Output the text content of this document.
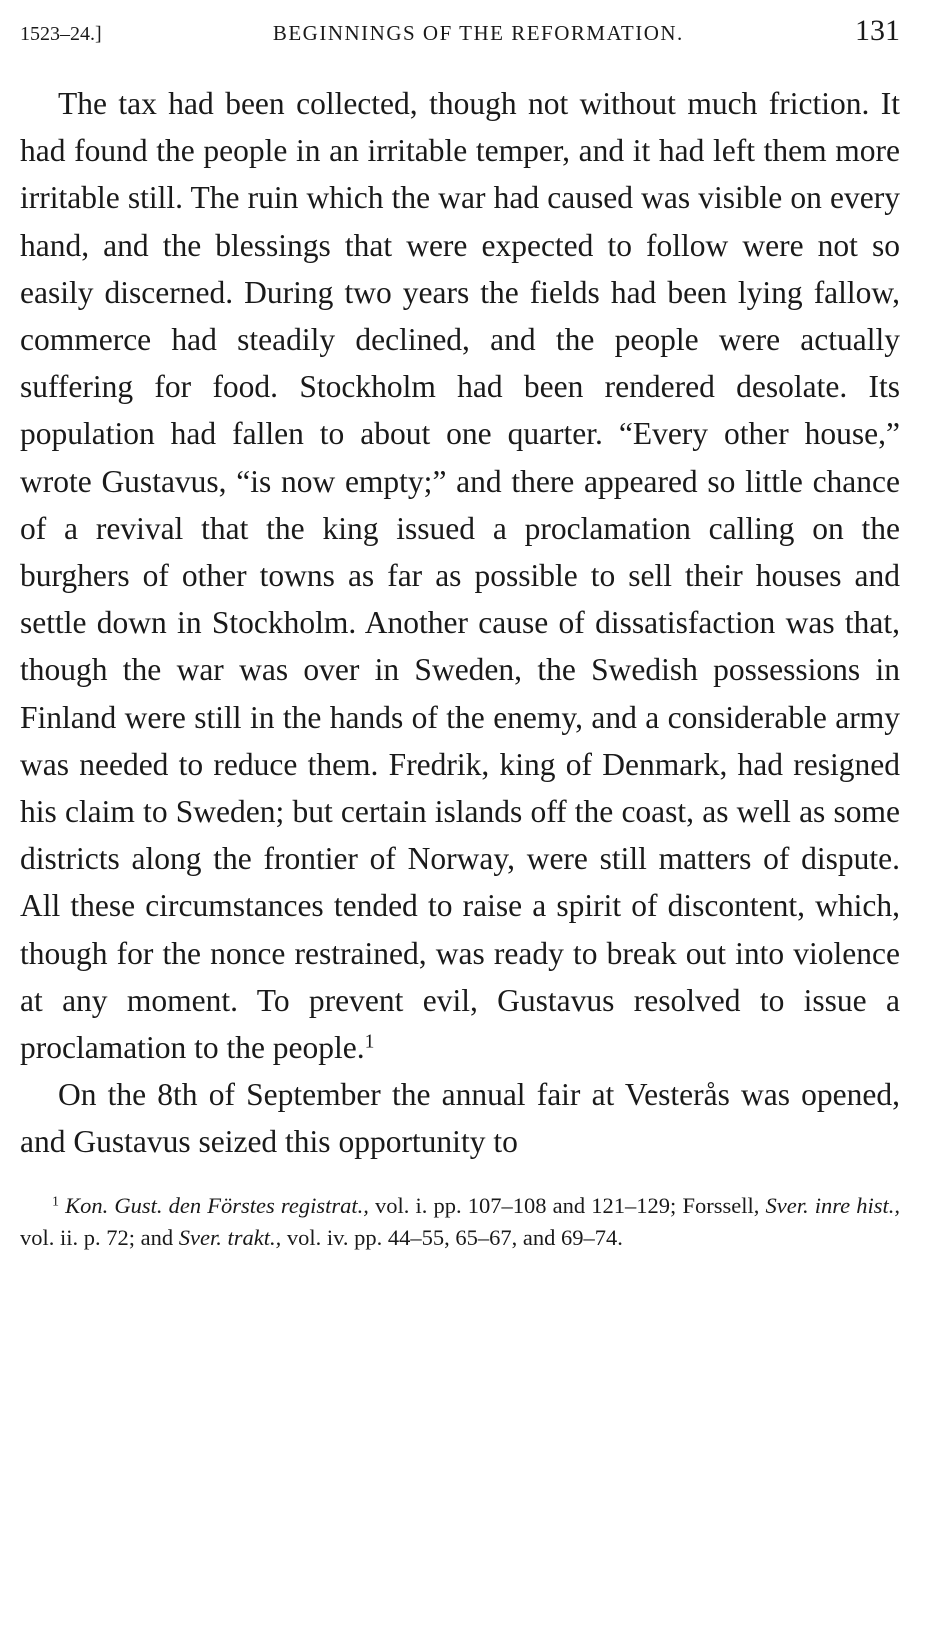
1523–24.]	BEGINNINGS OF THE REFORMATION.	131

The tax had been collected, though not without much friction. It had found the people in an irritable temper, and it had left them more irritable still. The ruin which the war had caused was visible on every hand, and the blessings that were expected to follow were not so easily discerned. During two years the fields had been lying fallow, commerce had steadily declined, and the people were actually suffering for food. Stockholm had been rendered desolate. Its population had fallen to about one quarter. “Every other house,” wrote Gustavus, “is now empty;” and there appeared so little chance of a revival that the king issued a proclamation calling on the burghers of other towns as far as possible to sell their houses and settle down in Stockholm. Another cause of dissatisfaction was that, though the war was over in Sweden, the Swedish possessions in Finland were still in the hands of the enemy, and a considerable army was needed to reduce them. Fredrik, king of Denmark, had resigned his claim to Sweden; but certain islands off the coast, as well as some districts along the frontier of Norway, were still matters of dispute. All these circumstances tended to raise a spirit of discontent, which, though for the nonce restrained, was ready to break out into violence at any moment. To prevent evil, Gustavus resolved to issue a proclamation to the people.$^1$

On the 8th of September the annual fair at Vesterås was opened, and Gustavus seized this opportunity to

$^1$ Kon. Gust. den Förstes registrat., vol. i. pp. 107–108 and 121–129; Forssell, Sver. inre hist., vol. ii. p. 72; and Sver. trakt., vol. iv. pp. 44–55, 65–67, and 69–74.
